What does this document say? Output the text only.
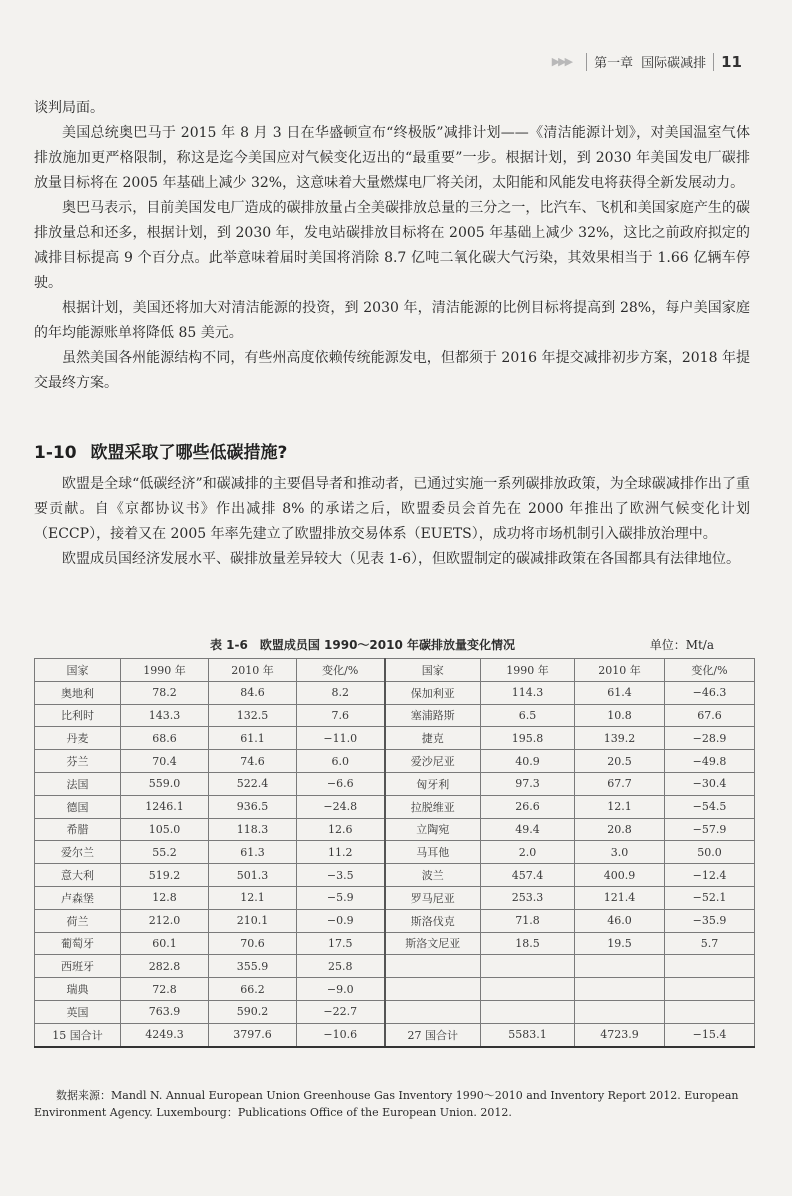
▶▶▶ 第一章 国际碳减排 11

谈判局面。

美国总统奥巴马于 2015 年 8 月 3 日在华盛顿宣布“终极版”减排计划——《清洁能源计划》，对美国温室气体排放施加更严格限制，称这是迄今美国应对气候变化迈出的“最重要”一步。根据计划，到 2030 年美国发电厂碳排放量目标将在 2005 年基础上减少 32%，这意味着大量燃煤电厂将关闭，太阳能和风能发电将获得全新发展动力。

奥巴马表示，目前美国发电厂造成的碳排放量占全美碳排放总量的三分之一，比汽车、飞机和美国家庭产生的碳排放量总和还多，根据计划，到 2030 年，发电站碳排放目标将在 2005 年基础上减少 32%，这比之前政府拟定的减排目标提高 9 个百分点。此举意味着届时美国将消除 8.7 亿吨二氧化碳大气污染，其效果相当于 1.66 亿辆车停驶。

根据计划，美国还将加大对清洁能源的投资，到 2030 年，清洁能源的比例目标将提高到 28%，每户美国家庭的年均能源账单将降低 85 美元。

虽然美国各州能源结构不同，有些州高度依赖传统能源发电，但都须于 2016 年提交减排初步方案，2018 年提交最终方案。

1-10 欧盟采取了哪些低碳措施?

欧盟是全球“低碳经济”和碳减排的主要倡导者和推动者，已通过实施一系列碳排放政策，为全球碳减排作出了重要贡献。自《京都协议书》作出减排 8% 的承诺之后，欧盟委员会首先在 2000 年推出了欧洲气候变化计划（ECCP），接着又在 2005 年率先建立了欧盟排放交易体系（EUETS），成功将市场机制引入碳排放治理中。

欧盟成员国经济发展水平、碳排放量差异较大（见表 1-6），但欧盟制定的碳减排政策在各国都具有法律地位。

表 1-6　欧盟成员国 1990～2010 年碳排放量变化情况	单位：Mt/a
国家	1990 年	2010 年	变化/%	国家	1990 年	2010 年	变化/%
奥地利	78.2	84.6	8.2	保加利亚	114.3	61.4	−46.3
比利时	143.3	132.5	7.6	塞浦路斯	6.5	10.8	67.6
丹麦	68.6	61.1	−11.0	捷克	195.8	139.2	−28.9
芬兰	70.4	74.6	6.0	爱沙尼亚	40.9	20.5	−49.8
法国	559.0	522.4	−6.6	匈牙利	97.3	67.7	−30.4
德国	1246.1	936.5	−24.8	拉脱维亚	26.6	12.1	−54.5
希腊	105.0	118.3	12.6	立陶宛	49.4	20.8	−57.9
爱尔兰	55.2	61.3	11.2	马耳他	2.0	3.0	50.0
意大利	519.2	501.3	−3.5	波兰	457.4	400.9	−12.4
卢森堡	12.8	12.1	−5.9	罗马尼亚	253.3	121.4	−52.1
荷兰	212.0	210.1	−0.9	斯洛伐克	71.8	46.0	−35.9
葡萄牙	60.1	70.6	17.5	斯洛文尼亚	18.5	19.5	5.7
西班牙	282.8	355.9	25.8				
瑞典	72.8	66.2	−9.0				
英国	763.9	590.2	−22.7				
15 国合计	4249.3	3797.6	−10.6	27 国合计	5583.1	4723.9	−15.4

数据来源：Mandl N. Annual European Union Greenhouse Gas Inventory 1990～2010 and Inventory Report 2012. European Environment Agency. Luxembourg：Publications Office of the European Union. 2012.
